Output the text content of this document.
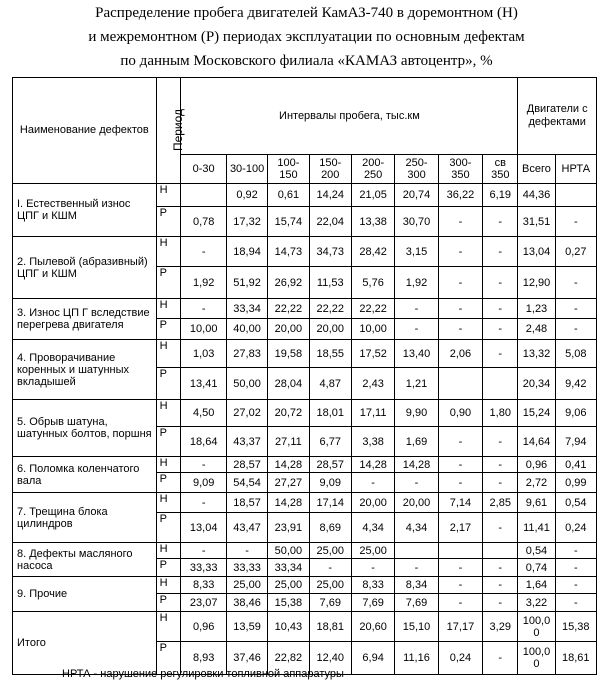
Распределение пробега двигателей КамАЗ-740 в доремонтном (Н)
и межремонтном (Р) периодах эксплуатации по основным дефектам
по данным Московского филиала «КАМАЗ автоцентр», %
Наименование дефектов	Период	Интервалы пробега, тыс.км								Двигатели с дефектами	
		0-30	30-100	100-150	150-200	200-250	250-300	300-350	св 350	Всего	НРТА
I. Естественный износ ЦПГ и КШМ	Н		0,92	0,61	14,24	21,05	20,74	36,22	6,19	44,36	
	Р	0,78	17,32	15,74	22,04	13,38	30,70	-	-	31,51	-
2. Пылевой (абразивный) ЦПГ и КШМ	Н	-	18,94	14,73	34,73	28,42	3,15	-	-	13,04	0,27
	Р	1,92	51,92	26,92	11,53	5,76	1,92	-	-	12,90	-
3. Износ ЦП Г вследствие перегрева двигателя	Н	-	33,34	22,22	22,22	22,22	-	-	-	1,23	-
	Р	10,00	40,00	20,00	20,00	10,00	-	-	-	2,48	-
4. Проворачивание коренных и шатунных вкладышей	Н	1,03	27,83	19,58	18,55	17,52	13,40	2,06	-	13,32	5,08
	Р	13,41	50,00	28,04	4,87	2,43	1,21			20,34	9,42
5. Обрыв шатуна, шатунных болтов, поршня	Н	4,50	27,02	20,72	18,01	17,11	9,90	0,90	1,80	15,24	9,06
	Р	18,64	43,37	27,11	6,77	3,38	1,69	-	-	14,64	7,94
6. Поломка коленчатого вала	Н	-	28,57	14,28	28,57	14,28	14,28	-	-	0,96	0,41
	Р	9,09	54,54	27,27	9,09	-	-	-	-	2,72	0,99
7. Трещина блока цилиндров	Н	-	18,57	14,28	17,14	20,00	20,00	7,14	2,85	9,61	0,54
	Р	13,04	43,47	23,91	8,69	4,34	4,34	2,17	-	11,41	0,24
8. Дефекты масляного насоса	Н	-	-	50,00	25,00	25,00				0,54	-
	Р	33,33	33,33	33,34	-	-	-	-	-	0,74	-
9. Прочие	Н	8,33	25,00	25,00	25,00	8,33	8,34	-	-	1,64	-
	Р	23,07	38,46	15,38	7,69	7,69	7,69	-	-	3,22	-
Итого	Н	0,96	13,59	10,43	18,81	20,60	15,10	17,17	3,29	100,00	15,38
	Р	8,93	37,46	22,82	12,40	6,94	11,16	0,24	-	100,00	18,61
НРТА - нарушение регулировки топливной аппаратуры
